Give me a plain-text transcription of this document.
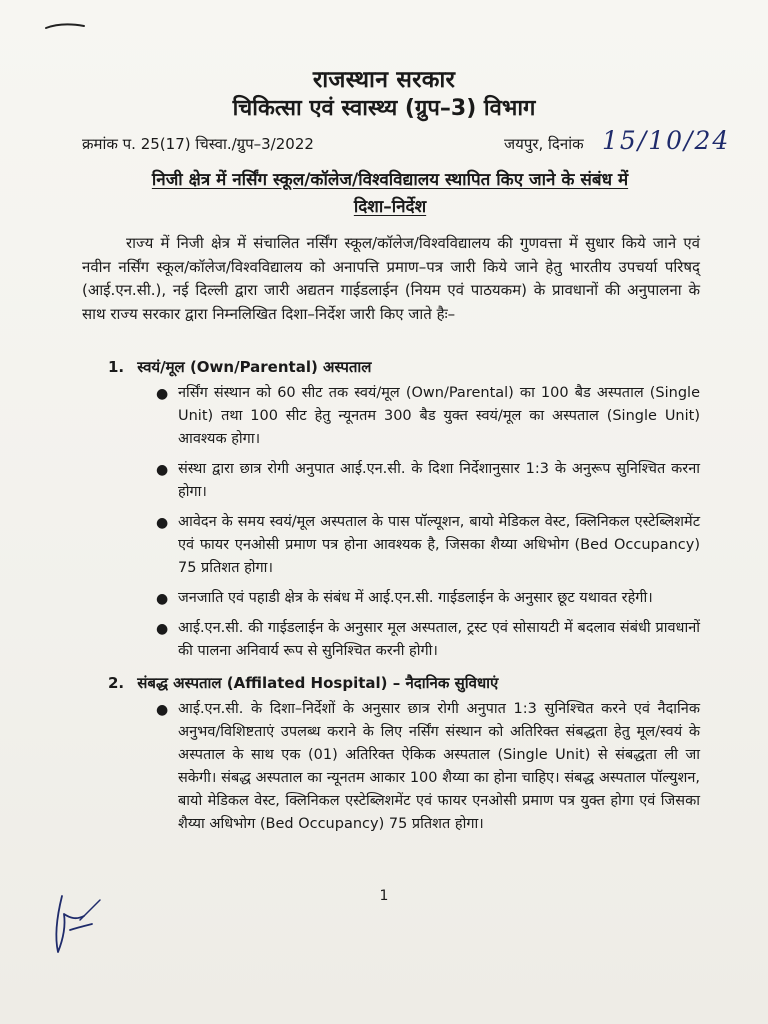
राजस्थान सरकार
चिकित्सा एवं स्वास्थ्य (ग्रुप–3) विभाग
क्रमांक प. 25(17) चिस्वा./ग्रुप–3/2022	जयपुर, दिनांक 15/10/24
निजी क्षेत्र में नर्सिंग स्कूल/कॉलेज/विश्वविद्यालय स्थापित किए जाने के संबंध में
दिशा–निर्देश
राज्य में निजी क्षेत्र में संचालित नर्सिंग स्कूल/कॉलेज/विश्वविद्यालय की गुणवत्ता में सुधार किये जाने एवं नवीन नर्सिंग स्कूल/कॉलेज/विश्वविद्यालय को अनापत्ति प्रमाण–पत्र जारी किये जाने हेतु भारतीय उपचर्या परिषद् (आई.एन.सी.), नई दिल्ली द्वारा जारी अद्यतन गाईडलाईन (नियम एवं पाठयकम) के प्रावधानों की अनुपालना के साथ राज्य सरकार द्वारा निम्नलिखित दिशा–निर्देश जारी किए जाते हैः–
1. स्वयं/मूल (Own/Parental) अस्पताल
● नर्सिंग संस्थान को 60 सीट तक स्वयं/मूल (Own/Parental) का 100 बैड अस्पताल (Single Unit) तथा 100 सीट हेतु न्यूनतम 300 बैड युक्त स्वयं/मूल का अस्पताल (Single Unit) आवश्यक होगा।
● संस्था द्वारा छात्र रोगी अनुपात आई.एन.सी. के दिशा निर्देशानुसार 1:3 के अनुरूप सुनिश्चित करना होगा।
● आवेदन के समय स्वयं/मूल अस्पताल के पास पॉल्यूशन, बायो मेडिकल वेस्ट, क्लिनिकल एस्टेब्लिशमेंट एवं फायर एनओसी प्रमाण पत्र होना आवश्यक है, जिसका शैय्या अधिभोग (Bed Occupancy) 75 प्रतिशत होगा।
● जनजाति एवं पहाडी क्षेत्र के संबंध में आई.एन.सी. गाईडलाईन के अनुसार छूट यथावत रहेगी।
● आई.एन.सी. की गाईडलाईन के अनुसार मूल अस्पताल, ट्रस्ट एवं सोसायटी में बदलाव संबंधी प्रावधानों की पालना अनिवार्य रूप से सुनिश्चित करनी होगी।
2. संबद्ध अस्पताल (Affilated Hospital) – नैदानिक सुविधाएं
● आई.एन.सी. के दिशा–निर्देशों के अनुसार छात्र रोगी अनुपात 1:3 सुनिश्चित करने एवं नैदानिक अनुभव/विशिष्टताएं उपलब्ध कराने के लिए नर्सिंग संस्थान को अतिरिक्त संबद्धता हेतु मूल/स्वयं के अस्पताल के साथ एक (01) अतिरिक्त ऐकिक अस्पताल (Single Unit) से संबद्धता ली जा सकेगी। संबद्ध अस्पताल का न्यूनतम आकार 100 शैय्या का होना चाहिए। संबद्ध अस्पताल पॉल्युशन, बायो मेडिकल वेस्ट, क्लिनिकल एस्टेब्लिशमेंट एवं फायर एनओसी प्रमाण पत्र युक्त होगा एवं जिसका शैय्या अधिभोग (Bed Occupancy) 75 प्रतिशत होगा।
1
